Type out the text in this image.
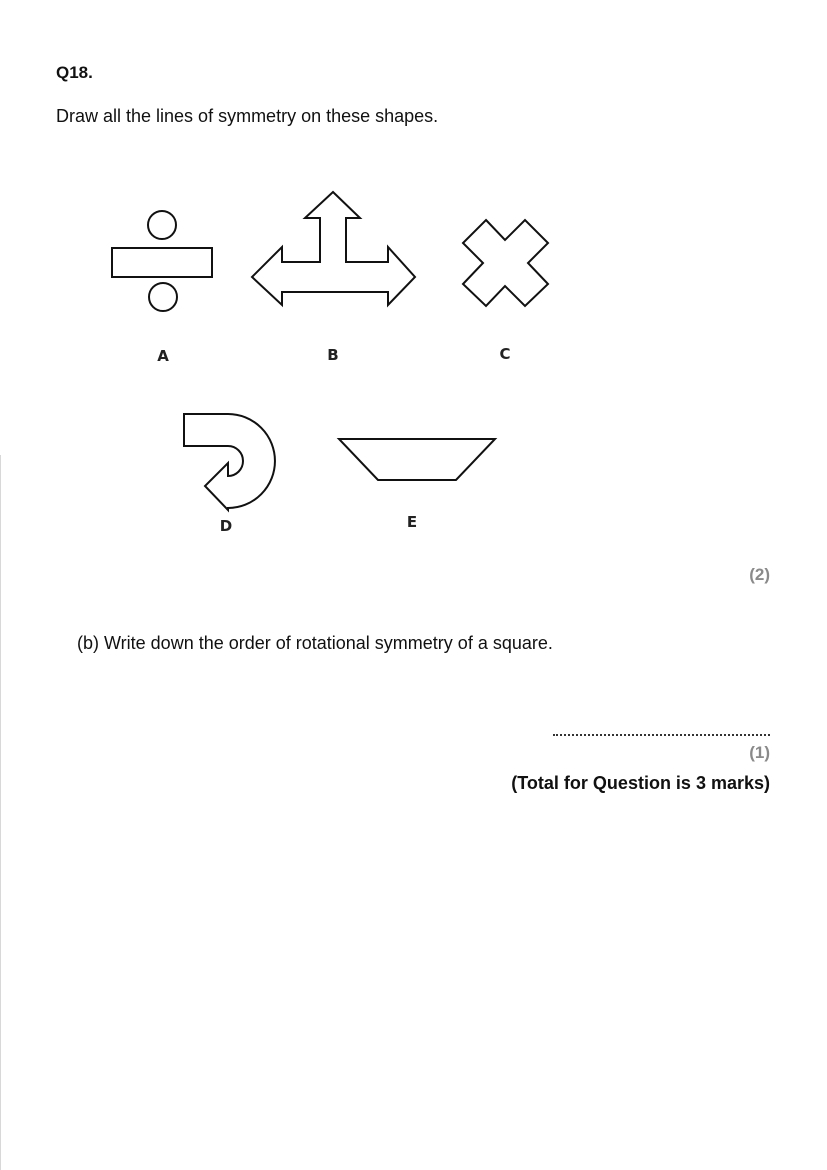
Q18.
Draw all the lines of symmetry on these shapes.
A	B	C
D	E
(2)
(b) Write down the order of rotational symmetry of a square.
(1)
(Total for Question is 3 marks)
